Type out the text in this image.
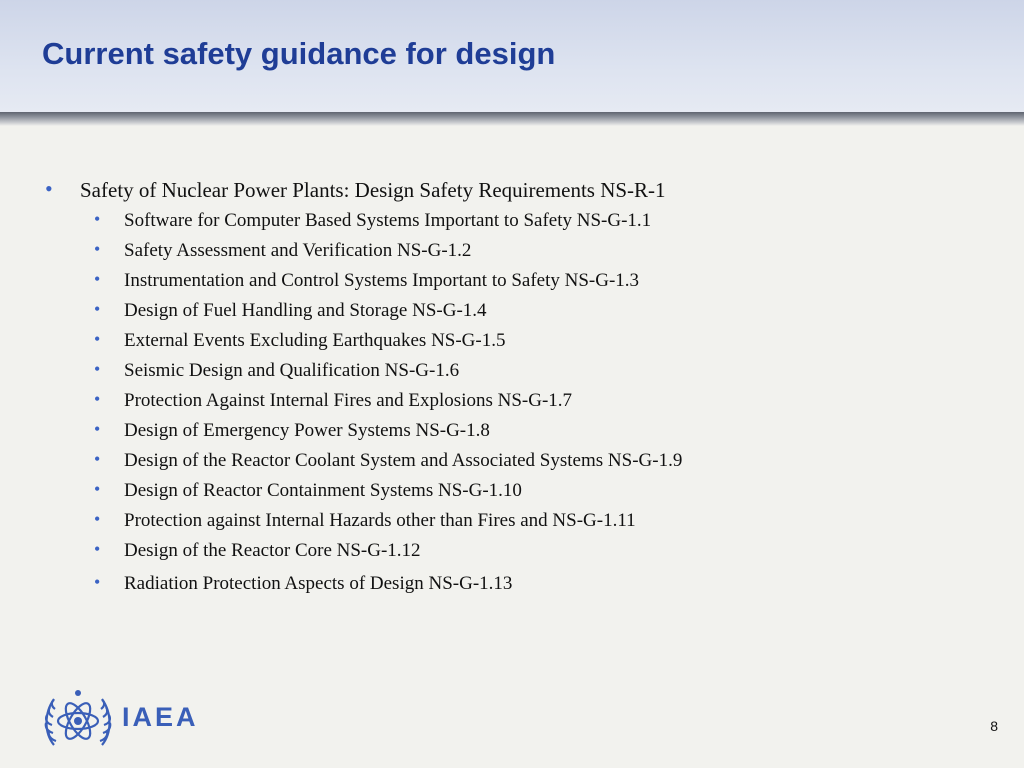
Current safety guidance for design
• Safety of Nuclear Power Plants: Design Safety Requirements NS-R-1
• Software for Computer Based Systems Important to Safety NS-G-1.1
• Safety Assessment and Verification NS-G-1.2
• Instrumentation and Control Systems Important to Safety NS-G-1.3
• Design of Fuel Handling and Storage NS-G-1.4
• External Events Excluding Earthquakes NS-G-1.5
• Seismic Design and Qualification NS-G-1.6
• Protection Against Internal Fires and Explosions NS-G-1.7
• Design of Emergency Power Systems NS-G-1.8
• Design of the Reactor Coolant System and Associated Systems NS-G-1.9
• Design of Reactor Containment Systems NS-G-1.10
• Protection against Internal Hazards other than Fires and NS-G-1.11
• Design of the Reactor Core NS-G-1.12
• Radiation Protection Aspects of Design NS-G-1.13
IAEA	8
